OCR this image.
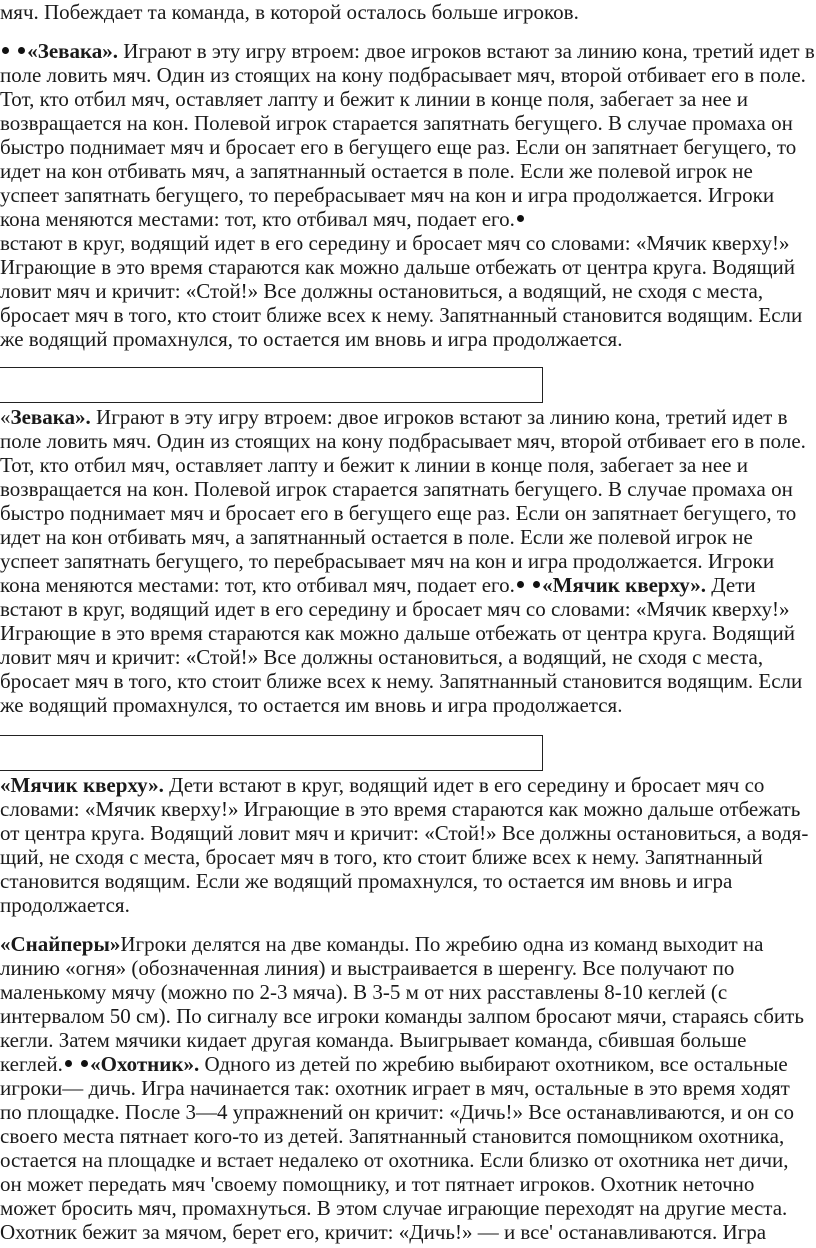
мяч. Побеждает та команда, в которой осталось больше игроков.
«Зевака». Играют в эту игру втроем: двое игроков встают за линию кона, третий идет в
поле ловить мяч. Один из стоящих на кону подбрасывает мяч, второй отбивает его в поле.
Тот, кто отбил мяч, оставляет лапту и бежит к линии в конце поля, забегает за нее и
возвращается на кон. Полевой игрок старается запятнать бегущего. В случае промаха он
быстро поднимает мяч и бросает его в бегущего еще раз. Если он запятнает бегущего, то
идет на кон отбивать мяч, а запятнанный остается в поле. Если же полевой игрок не
успеет запятнать бегущего, то перебрасывает мяч на кон и игра продолжается. Игроки
кона меняются местами: тот, кто отбивал мяч, подает его.
встают в круг, водящий идет в его середину и бросает мяч со словами: «Мячик кверху!»
Играющие в это время стараются как можно дальше отбежать от центра круга. Водящий
ловит мяч и кричит: «Стой!» Все должны остановиться, а водящий, не сходя с места,
бросает мяч в того, кто стоит ближе всех к нему. Запятнанный становится водящим. Если
же водящий промахнулся, то остается им вновь и игра продолжается.
«Зевака». Играют в эту игру втроем: двое игроков встают за линию кона, третий идет в
поле ловить мяч. Один из стоящих на кону подбрасывает мяч, второй отбивает его в поле.
Тот, кто отбил мяч, оставляет лапту и бежит к линии в конце поля, забегает за нее и
возвращается на кон. Полевой игрок старается запятнать бегущего. В случае промаха он
быстро поднимает мяч и бросает его в бегущего еще раз. Если он запятнает бегущего, то
идет на кон отбивать мяч, а запятнанный остается в поле. Если же полевой игрок не
успеет запятнать бегущего, то перебрасывает мяч на кон и игра продолжается. Игроки
кона меняются местами: тот, кто отбивал мяч, подает его. «Мячик кверху». Дети
встают в круг, водящий идет в его середину и бросает мяч со словами: «Мячик кверху!»
Играющие в это время стараются как можно дальше отбежать от центра круга. Водящий
ловит мяч и кричит: «Стой!» Все должны остановиться, а водящий, не сходя с места,
бросает мяч в того, кто стоит ближе всех к нему. Запятнанный становится водящим. Если
же водящий промахнулся, то остается им вновь и игра продолжается.
«Мячик кверху». Дети встают в круг, водящий идет в его середину и бросает мяч со
словами: «Мячик кверху!» Играющие в это время стараются как можно дальше отбежать
от центра круга. Водящий ловит мяч и кричит: «Стой!» Все должны остановиться, а водя-
щий, не сходя с места, бросает мяч в того, кто стоит ближе всех к нему. Запятнанный
становится водящим. Если же водящий промахнулся, то остается им вновь и игра
продолжается.
«Снайперы»Игроки делятся на две команды. По жребию одна из команд выходит на
линию «огня» (обозначенная линия) и выстраивается в шеренгу. Все получают по
маленькому мячу (можно по 2-3 мяча). В 3-5 м от них расставлены 8-10 кеглей (с
интервалом 50 см). По сигналу все игроки команды залпом бросают мячи, стараясь сбить
кегли. Затем мячики кидает другая команда. Выигрывает команда, сбившая больше
кеглей. «Охотник». Одного из детей по жребию выбирают охотником, все остальные
игроки— дичь. Игра начинается так: охотник играет в мяч, остальные в это время ходят
по площадке. После 3—4 упражнений он кричит: «Дичь!» Все останавливаются, и он со
своего места пятнает кого-то из детей. Запятнанный становится помощником охотника,
остается на площадке и встает недалеко от охотника. Если близко от охотника нет дичи,
он может передать мяч 'своему помощнику, и тот пятнает игроков. Охотник неточно
может бросить мяч, промахнуться. В этом случае играющие переходят на другие места.
Охотник бежит за мячом, берет его, кричит: «Дичь!» — и все' останавливаются. Игра
